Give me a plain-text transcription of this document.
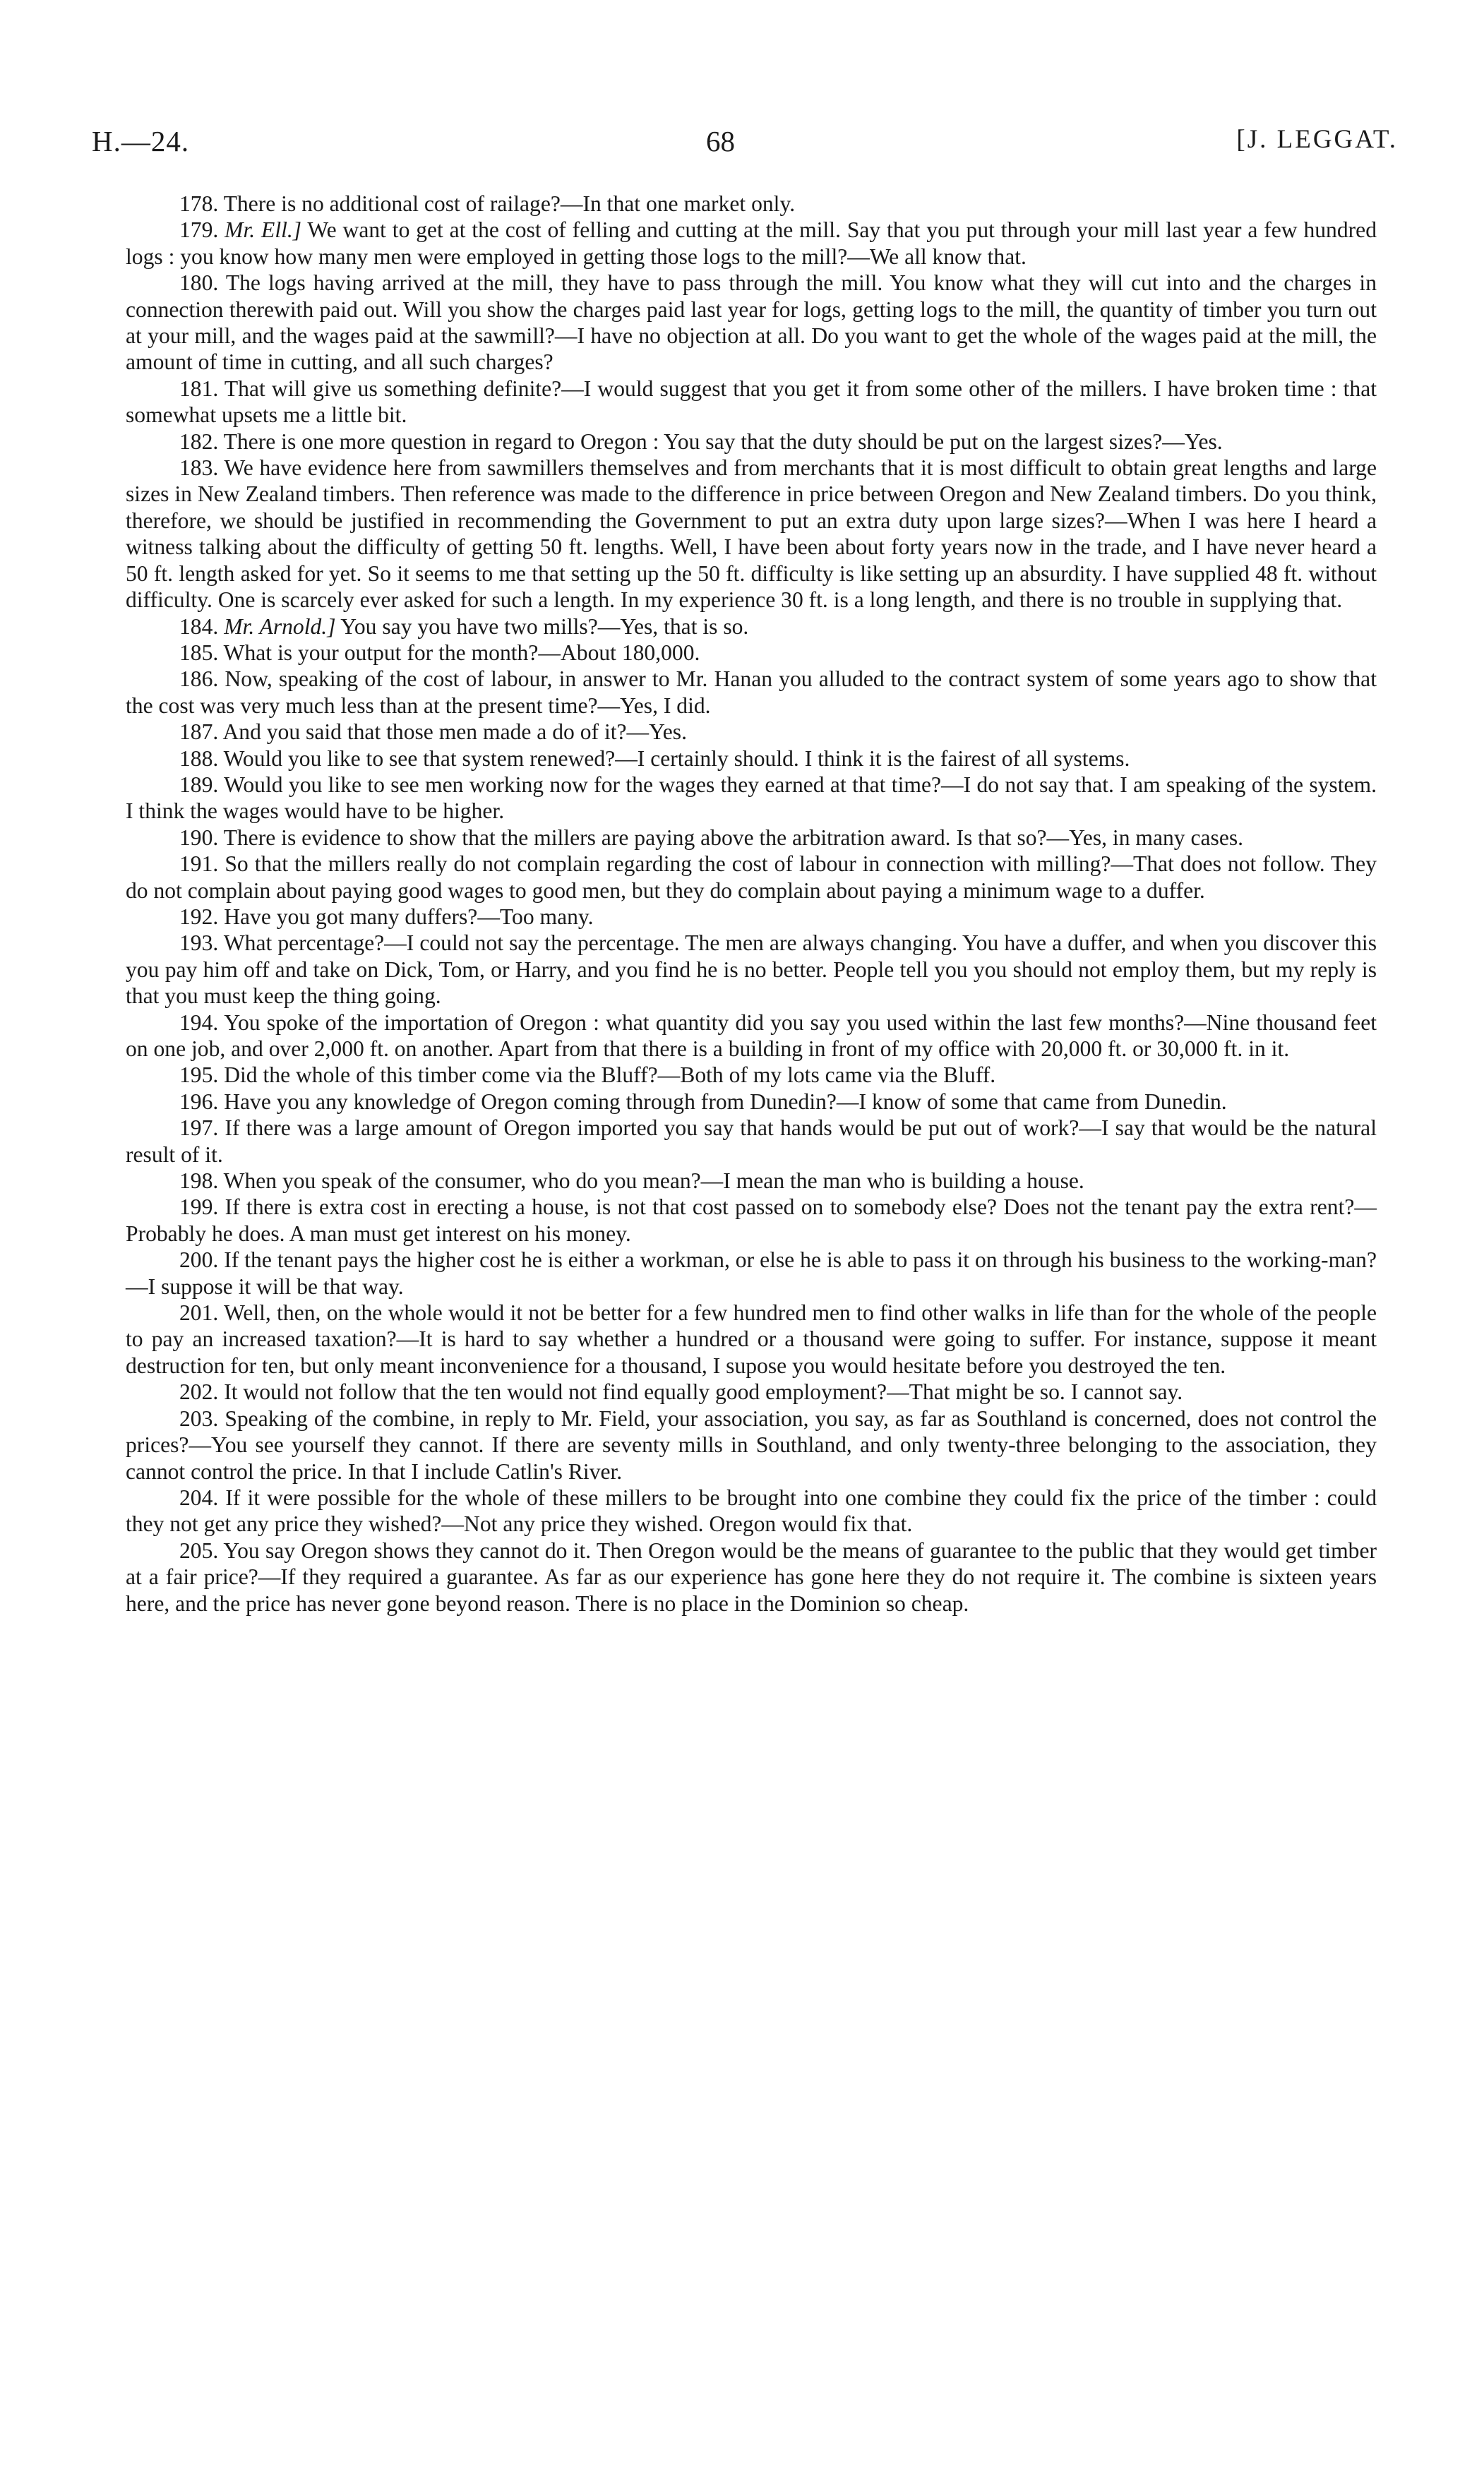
H.—24.	68	[J. LEGGAT.

178. There is no additional cost of railage?—In that one market only.

179. Mr. Ell.] We want to get at the cost of felling and cutting at the mill. Say that you put through your mill last year a few hundred logs : you know how many men were employed in getting those logs to the mill?—We all know that.

180. The logs having arrived at the mill, they have to pass through the mill. You know what they will cut into and the charges in connection therewith paid out. Will you show the charges paid last year for logs, getting logs to the mill, the quantity of timber you turn out at your mill, and the wages paid at the sawmill?—I have no objection at all. Do you want to get the whole of the wages paid at the mill, the amount of time in cutting, and all such charges?

181. That will give us something definite?—I would suggest that you get it from some other of the millers. I have broken time : that somewhat upsets me a little bit.

182. There is one more question in regard to Oregon : You say that the duty should be put on the largest sizes?—Yes.

183. We have evidence here from sawmillers themselves and from merchants that it is most difficult to obtain great lengths and large sizes in New Zealand timbers. Then reference was made to the difference in price between Oregon and New Zealand timbers. Do you think, therefore, we should be justified in recommending the Government to put an extra duty upon large sizes?—When I was here I heard a witness talking about the difficulty of getting 50 ft. lengths. Well, I have been about forty years now in the trade, and I have never heard a 50 ft. length asked for yet. So it seems to me that setting up the 50 ft. difficulty is like setting up an absurdity. I have supplied 48 ft. without difficulty. One is scarcely ever asked for such a length. In my experience 30 ft. is a long length, and there is no trouble in supplying that.

184. Mr. Arnold.] You say you have two mills?—Yes, that is so.

185. What is your output for the month?—About 180,000.

186. Now, speaking of the cost of labour, in answer to Mr. Hanan you alluded to the contract system of some years ago to show that the cost was very much less than at the present time?—Yes, I did.

187. And you said that those men made a do of it?—Yes.

188. Would you like to see that system renewed?—I certainly should. I think it is the fairest of all systems.

189. Would you like to see men working now for the wages they earned at that time?—I do not say that. I am speaking of the system. I think the wages would have to be higher.

190. There is evidence to show that the millers are paying above the arbitration award. Is that so?—Yes, in many cases.

191. So that the millers really do not complain regarding the cost of labour in connection with milling?—That does not follow. They do not complain about paying good wages to good men, but they do complain about paying a minimum wage to a duffer.

192. Have you got many duffers?—Too many.

193. What percentage?—I could not say the percentage. The men are always changing. You have a duffer, and when you discover this you pay him off and take on Dick, Tom, or Harry, and you find he is no better. People tell you you should not employ them, but my reply is that you must keep the thing going.

194. You spoke of the importation of Oregon : what quantity did you say you used within the last few months?—Nine thousand feet on one job, and over 2,000 ft. on another. Apart from that there is a building in front of my office with 20,000 ft. or 30,000 ft. in it.

195. Did the whole of this timber come via the Bluff?—Both of my lots came via the Bluff.

196. Have you any knowledge of Oregon coming through from Dunedin?—I know of some that came from Dunedin.

197. If there was a large amount of Oregon imported you say that hands would be put out of work?—I say that would be the natural result of it.

198. When you speak of the consumer, who do you mean?—I mean the man who is building a house.

199. If there is extra cost in erecting a house, is not that cost passed on to somebody else? Does not the tenant pay the extra rent?—Probably he does. A man must get interest on his money.

200. If the tenant pays the higher cost he is either a workman, or else he is able to pass it on through his business to the working-man?—I suppose it will be that way.

201. Well, then, on the whole would it not be better for a few hundred men to find other walks in life than for the whole of the people to pay an increased taxation?—It is hard to say whether a hundred or a thousand were going to suffer. For instance, suppose it meant destruction for ten, but only meant inconvenience for a thousand, I supose you would hesitate before you destroyed the ten.

202. It would not follow that the ten would not find equally good employment?—That might be so. I cannot say.

203. Speaking of the combine, in reply to Mr. Field, your association, you say, as far as Southland is concerned, does not control the prices?—You see yourself they cannot. If there are seventy mills in Southland, and only twenty-three belonging to the association, they cannot control the price. In that I include Catlin's River.

204. If it were possible for the whole of these millers to be brought into one combine they could fix the price of the timber : could they not get any price they wished?—Not any price they wished. Oregon would fix that.

205. You say Oregon shows they cannot do it. Then Oregon would be the means of guarantee to the public that they would get timber at a fair price?—If they required a guarantee. As far as our experience has gone here they do not require it. The combine is sixteen years here, and the price has never gone beyond reason. There is no place in the Dominion so cheap.
